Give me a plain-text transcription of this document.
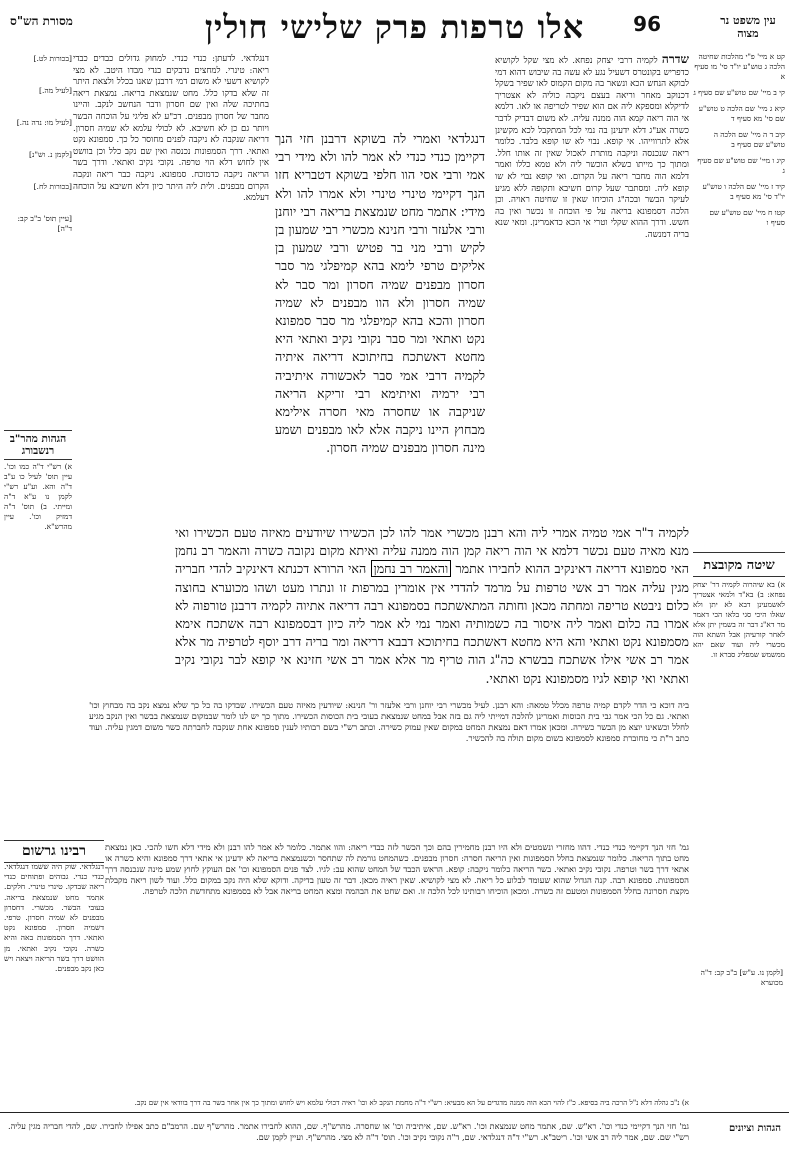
עין משפט נר מצוה
96
אלו טרפות פרק שלישי חולין
מסורת הש"ס
קט א מיי' פ"י מהלכות שחיטה הלכה ג טוש"ע יו"ד סי' מו סעיף א
קי ב מיי' שם טוש"ע שם סעיף ג
קיא ג מיי' שם הלכה ט טוש"ע שם סי' מא סעיף ד
קיב ד ה מיי' שם הלכה ה טוש"ע שם סעיף ב
קיג ו מיי' שם טוש"ע שם סעיף ג
קיד ז מיי' שם הלכה ו טוש"ע יו"ד סי' מא סעיף ב
קטו ח מיי' שם טוש"ע שם סעיף ו
שיטה מקובצת
א) בא שיהרוה לקמיה דר' יצחק נפחא: ב) בא"ד ולמאי אצטריך לאשמעינן דבא לא יתן ולא שאלו היכי סגי בלאו הכי דאמר מר דא"נ דבר זה בשמין יתן אלא לאחר קורעיהן אבל השתא הוה מכשרי ליה ועוד שאם יהא ממשמש שמפליג סברא זו.
שדרה לקמיה דרבי יצחק נפחא. לא מצי שקל לקושיא כדפריש בקונטרס דשעיל נגע לא עשה בה שיבוש דהוא דמי לבוקא הנחש הכא ונשאר בה מקום הקמוס לאו שפיר בשקל דכנוקב מאחר וריאה בעצם ניקבה כוליה לא אצטריך לדיקלא ומספקא ליה אם הוא שפיר לטריפה או לאו. דלמא אי הוה ריאה קמא הוה ממנה עליה. לא משום דבדיק לדבר כשרה אע"ג דלא ידעינן בה נמי לכל המתקבל לכא מקשינן אלא לתרווייהו. אי קופא. נבוי לא שו קופא בלבד. כלומר ריאה שנכנסה וניקבה מותרת לאכול שאין זה אותו חלל. ומתוך כך מייתו כשלא הוכשר ליה ולא טמא כללו ואמר דלמא הוה מחבר ריאה על הקרום. ואי קופא נבוי לא שו קופא ליה. ומסתבר שעל קרום חשיבא ותקופה ללא מגיע לעיקר הבשר ובכה"ג הוכיחו שאין זו שחיטה ראויה. וכן הלכה דסמפונא בריאה על פי הוכחה זו נכשר ואין בה חשש. ודרך ההוא שקלי וטרי אי הכא כדאמרינן. ומאי שנא בריה דמנשה.
דנגלדאי ואמרי לה בשוקא דרבנן חזי הנך דקיימן כנדי כנדי לא אמר להו ולא מידי רבי אמי ורבי אסי הוו חלפי בשוקא דטבריא חזו הנך דקיימי טינרי טינרי ולא אמרו להו ולא מידי: אתמר מחט שנמצאת בריאה רבי יוחנן ורבי אלעזר ורבי חנינא מכשרי רבי שמעון בן לקיש ורבי מני בר פטיש ורבי שמעון בן אליקים טרפי לימא בהא קמיפלגי מר סבר חסרון מבפנים שמיה חסרון ומר סבר לא שמיה חסרון ולא הוו מבפנים לא שמיה חסרון והכא בהא קמיפלגי מר סבר סמפונא נקט ואתאי ומר סבר נקובי נקיב ואתאי היא מחטא דאשתכח בחיתוכא דריאה איתיה לקמיה דרבי אמי סבר לאכשורה איתיביה רבי ירמיה ואיתימא רבי זריקא הריאה שניקבה או שחסרה מאי חסרה אילימא מבחוץ היינו ניקבה אלא לאו מבפנים ושמע מינה חסרון מבפנים שמיה חסרון.
לקמיה ד"ר אמי טמיה אמרי ליה והא רבנן מכשרי אמר להו לכן הכשירו שיודעים מאיזה טעם הכשירו ואי מנא מאיה טעם נכשר דלמא אי הוה ריאה קמן הוה ממנה עליה ואיתא מקום נקובה כשרה והאמר רב נחמן האי סמפונא דריאה דאינקיב ההוא לחבירו אתמר והאמר רב נחמן האי הרורא דכנתא דאינקיב להדי חבריה מגין עליה אמר רב אשי טרפות על מרמד להדדי אין אומרין במרפות זו ונתרו מעט ושהו מכוערא בחוצה כלום ניבטא טריפה ומחתה מכאן וחותה המתאשתכח בסמפונא רבה דריאה אתיוה לקמיה דרבנן טורפוה לא אמרו בה כלום ואמר ליה איסור בה כשמותיה ואמר נמי לא אמר ליה כיון דבסמפונא רבה אשתכח אימא מסמפונא נקט ואתאי והא היא מחטא דאשתכח בחיתוכא דבבא דריאה ומר בריה דרב יוסף לטרפיה מר אלא אמר רב אשי אילו אשתכח בבשרא כה"ג הוה טריף מר אלא אמר רב אשי חזינא אי קופא לבר נקובי נקיב ואתאי ואי קופא לגיו מסמפונא נקט ואתאי.
דנגלדאי. לדעתן: כנדי כנדי. למחוק גדולים כבדים כבדי ריאה: טינרי. למחצים נדבקים כנדי מבדו היטב. לא מצי לקושיא דשעי לא משום דמי דרבנן שאנו בכלל ולצאת היתר זה שלא בדקו כלל. מחט שנמצאת בריאה. נמצאת ריאה בחתיכה שלה ואין שם חסרון ודבר הנחשב לנקב. והיינו מחבר של חסרון מבפנים. דכ"ע לא פליגי על הוכחה הבשר ויותר גם כן לא חשיבא. לא לכולי עלמא לא שמיה חסרון. דריאה שנקבה לא ניקבה לפנים מחוסר כל כך. סמפונא נקט ואתאי. דרך הסמפונות נכנסה ואין שם נקב כלל וכן בוושט אין לחוש דלא הוי טרפה. נקובי נקיב ואתאי. ודרך בשר הריאה ניקבה כדמוכח. סמפונא. ניקבה כבר ריאה ונקבה הקרום מבפנים. ולית ליה היתר כיון דלא חשיבא על הוכחה דעלמא.
ביה דוכא כי הדר לקדם קמיה טרפה מכלל טמאה: והא רבנן. לעיל מכשרי רבי יוחנן ורבי אלעזר ור' חנינא: שיודעין מאיזה טעם הכשירו. שבדקו בה כל כך שלא נמצא נקב בה מבחוץ וכו' ואתאי. גם כל הכי אמר גבי בית הכוסות ואמרינן להלכה דמייתי ליה גם בזה אבל במחט שנמצאת בעובי בית הכוסות הכשירו. מתוך כך יש לנו לומר שבמקום שנמצאת בבשר ואין הנקב מגיע לחלל וכשאינו יוצא מן הבשר כשירה. ומכאן אמרו דאם נמצאת המחט במקום שאין עמוק כשירה. וכתב רש"י בשם רבותיו לענין סמפונא אחת שנקבה לחברתה כשר משום דמגין עליה. ועוד כתב ר"ת כי מחוברת סמפונא לסמפונא בשום מקום תולה בה להכשיר.
[בכורות לט.]
[לעיל מה.]
[לעיל מו: נדה נה.]
[לקמן נ. וש"נ]
[בכורות לח.]
[עיין תוס' ב"ב קב: ד"ה]
הגהות מהר"ב רנשבורג
א) רש"י ד"ה כמו וכו'. עיין תוס' לעיל כו ע"ב ד"ה והא. וע"ע רש"י לקמן נו ע"א ד"ה ומייתי. ב) תוס' ד"ה דמזיק וכו'. עיין מהרש"א.
[לקמן נו. ע"ש] ב"ב קב: ד"ה מכוערא
רבינו גרשום
דנגלדאי. שוק היה ששמו דנגלדאי. כנדי כנדי. גבוהים ופתוחים כנדי ריאה שבדקו. טינרי טינרי. חלקים. אתמר מחט שנמצאת בריאה. בעובי הבשר. מכשרי. דחסרון מבפנים לא שמיה חסרון. טרפי. דשמיה חסרון. סמפונא נקט ואתאי. דרך הסמפונות באה והיא כשרה. נקובי נקיב ואתאי. מן הוושט דרך בשר הריאה ויצאה ויש כאן נקב מבפנים.
גמ' חזי הנך דקיימי כנדי כנדי. דהוו מחזרי ונשמטים ולא היו רבנן מחמירין בהם וכך הכשר לזה כבדי ריאה: והוו אתמר. כלומר לא אמר להו רבנן ולא מידי דלא חשו להכי. כאן נמצאת מחט בתוך הריאה. כלומר שנמצאת בחלל הסמפונות ואין הריאה חסרה: חסרון מבפנים. כשהמחט גורמת לה שתחסר וכשנמצאת בריאה לא ידעינן אי אתאי דרך סמפונא והיא כשרה או אתאי דרך בשר וטרפה. נקובי נקיב ואתאי. בשר הריאה כלומר ניקבה: קופא. הראש הכבד של המחט שהוא עב: לגיו. לצד פנים הסמפונא וכו' אם העוקץ לחוץ שמע מינה שנכנסה דרך הסמפונות. סמפונא רבה. קנה הגדול שהוא שעומד לבלוע כל ריאה. לא מצי לקושיא. שאין ראיה מכאן. דבר זה טעון בדיקה. ודוקא שלא היה נקב במקום כלל. ועוד לשון ריאה מקבלת מקצת חסרונה בחלל הסמפונות ומטעם זה כשרה. ומכאן הוכיחו רבותינו לכל הלכה זו. ואם שחט את הבהמה ומצא המחט בריאה אבל לא בסמפונא מתחדשת הלכה לטרפה.
א) נ"ב גהלה דלא נ"ל הרכה ביה בסיפא. כ"ז להוי הכא הוה ממנה מדגדים על הא מבעיא: רש"י ד"ה מחמת הנקב לא וכו' ראיה דכולי עלמא ויש לחוש ומתוך כך אין אחר בשר בה דרך בוודאי אין שם נקב.
הגהות וציונים
גמ' חזי הנך דקיימי כנדי וכו'. רא"ש. שם, אתמר מחט שנמצאת וכו'. רא"ש. שם, איתיביה וכו' או שחסרה. מהרש"ף. שם, ההוא לחבירו אתמר. מהרש"ף שם. הרמב"ם כתב אפילו לחבירו. שם, להדי חבריה מגין עליה. רש"י שם. שם, אמר ליה רב אשי וכו'. ריטב"א. רש"י ד"ה דנגלדאי. שם, ד"ה נקובי נקיב וכו'. תוס' ד"ה לא מצי. מהרש"ף. ועיין לקמן שם.
